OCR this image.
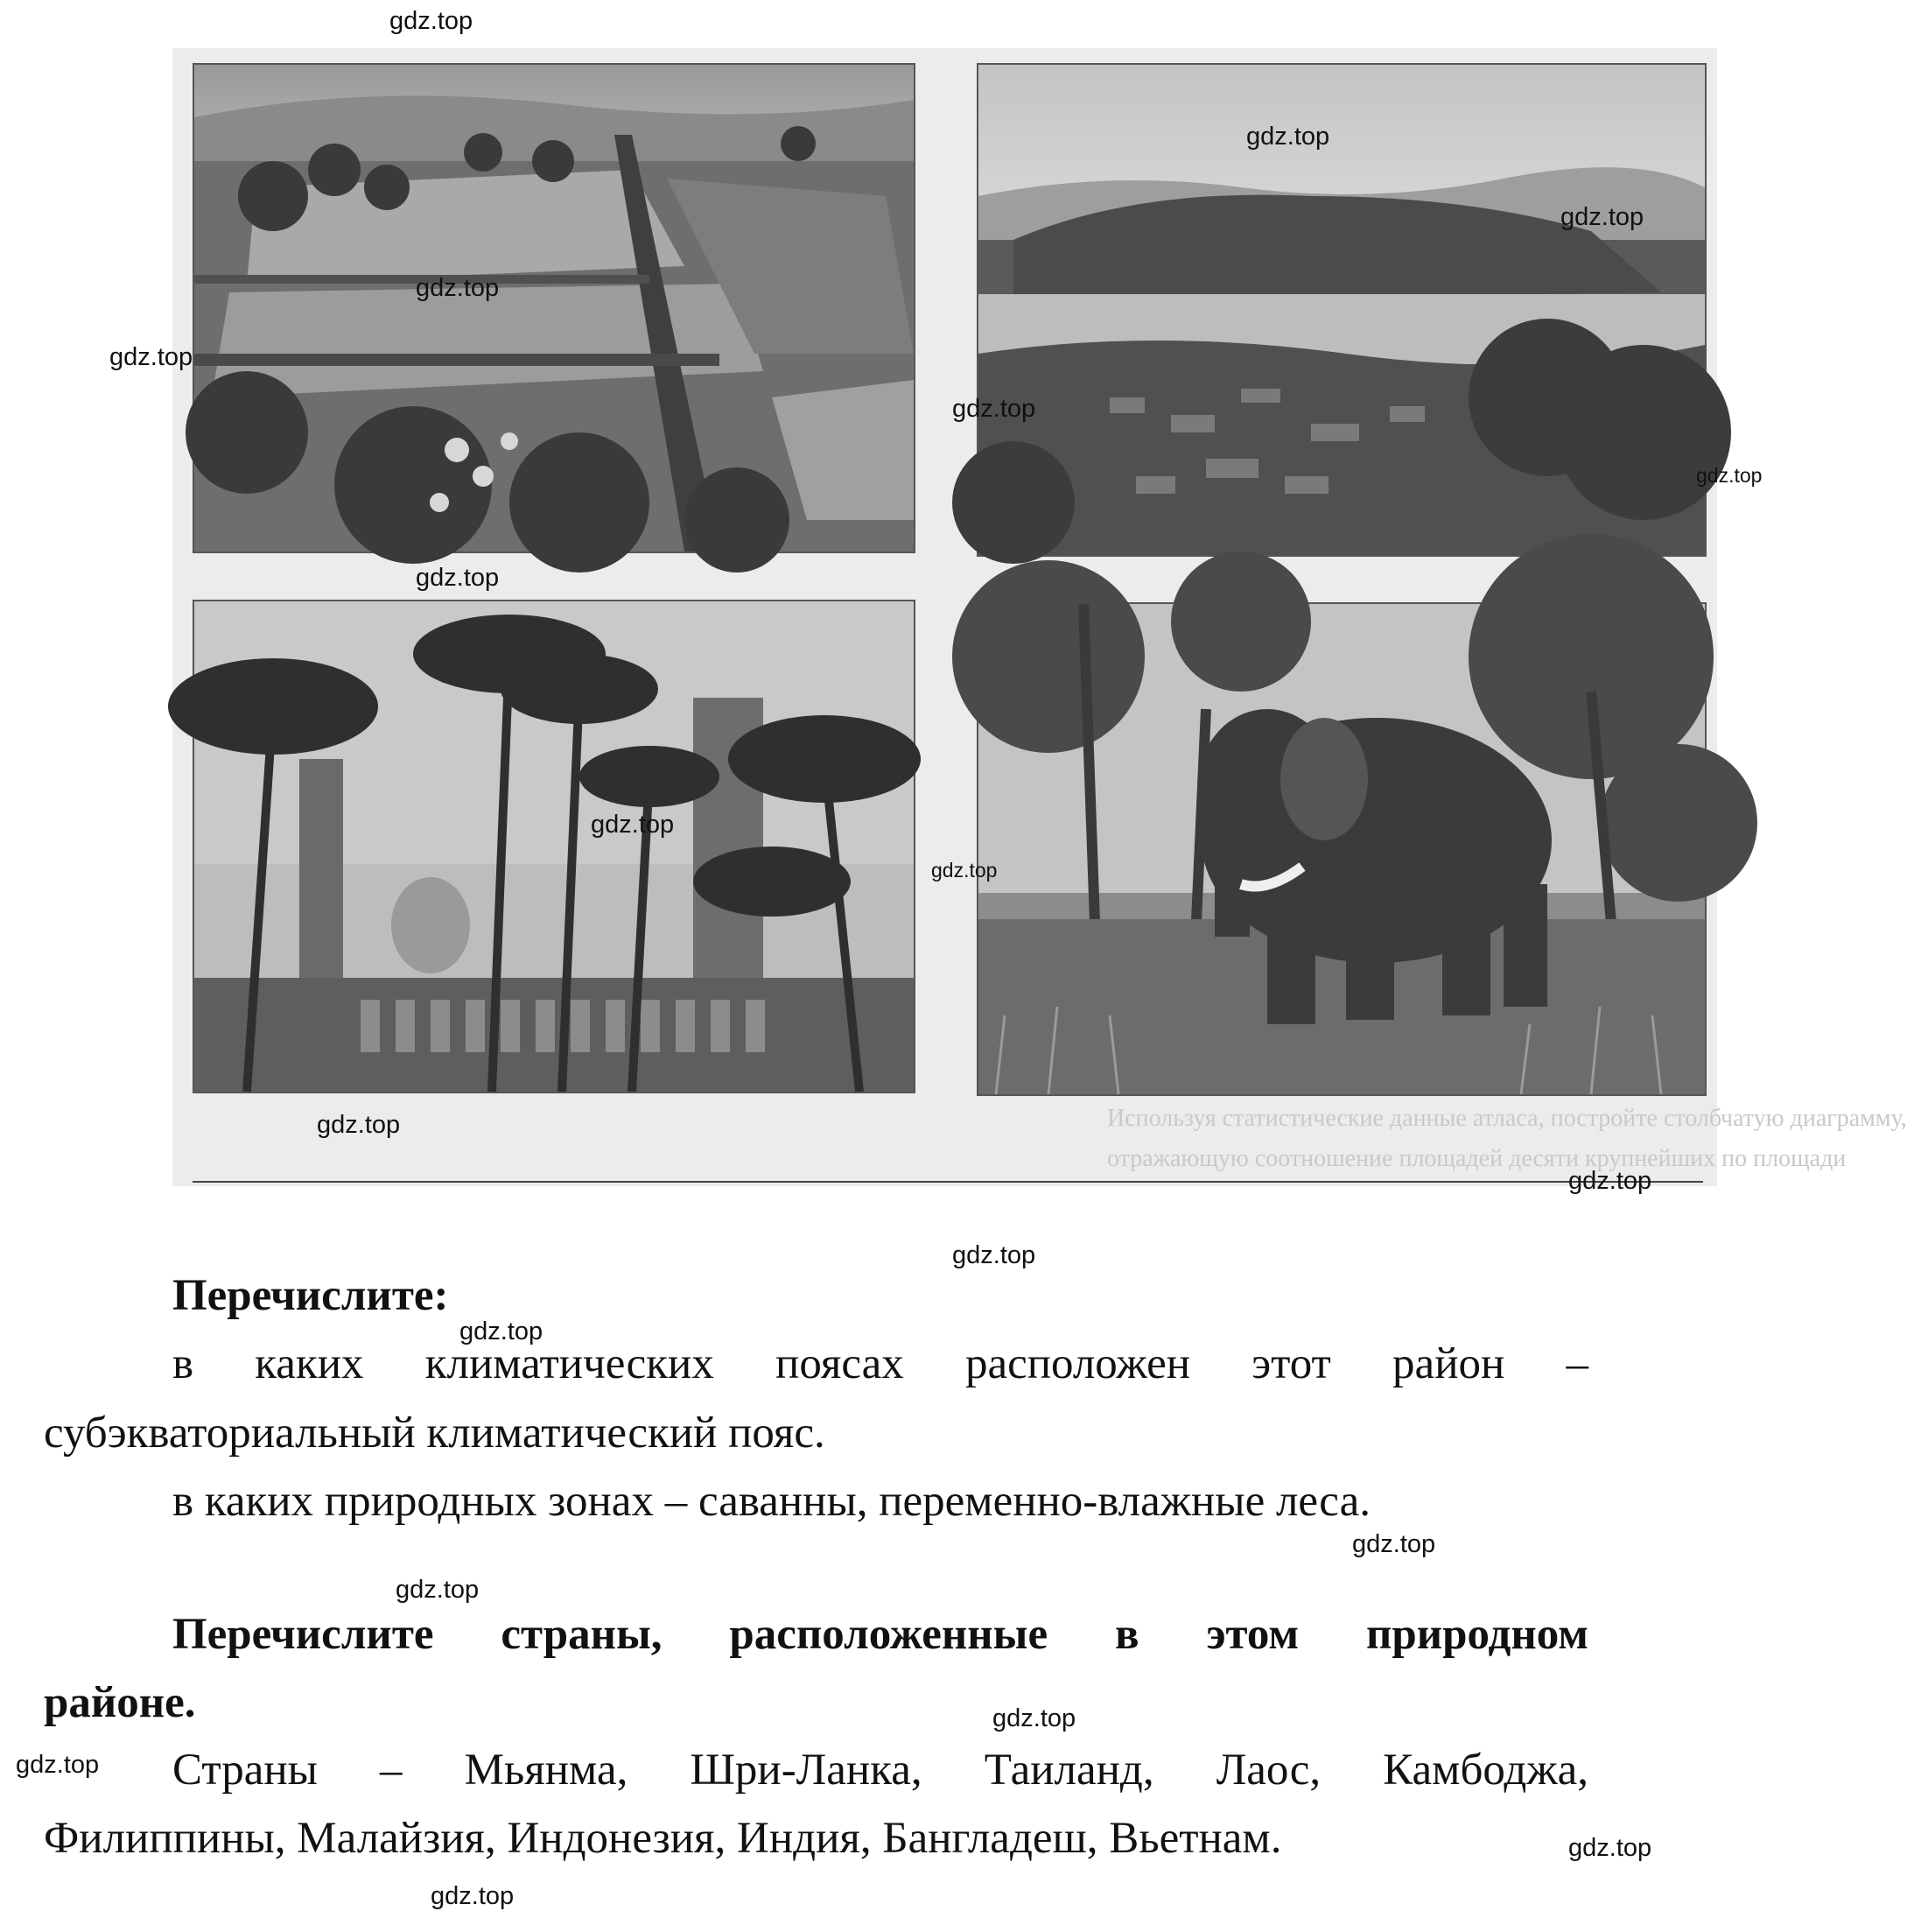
Используя статистические данные атласа, постройте столбчатую диаграмму,
отражающую соотношение площадей десяти крупнейших по площади
Перечислите:
в каких климатических поясах расположен этот район –
субэкваториальный климатический пояс.
в каких природных зонах – саванны, переменно-влажные леса.
Перечислите страны, расположенные в этом природном
районе.
Страны – Мьянма, Шри-Ланка, Таиланд, Лаос, Камбоджа,
Филиппины, Малайзия, Индонезия, Индия, Бангладеш, Вьетнам.
gdz.top
gdz.top
gdz.top
gdz.top
gdz.top
gdz.top
gdz.top
gdz.top
gdz.top
gdz.top
gdz.top
gdz.top
gdz.top
gdz.top
gdz.top
gdz.top
gdz.top
gdz.top
gdz.top
gdz.top
